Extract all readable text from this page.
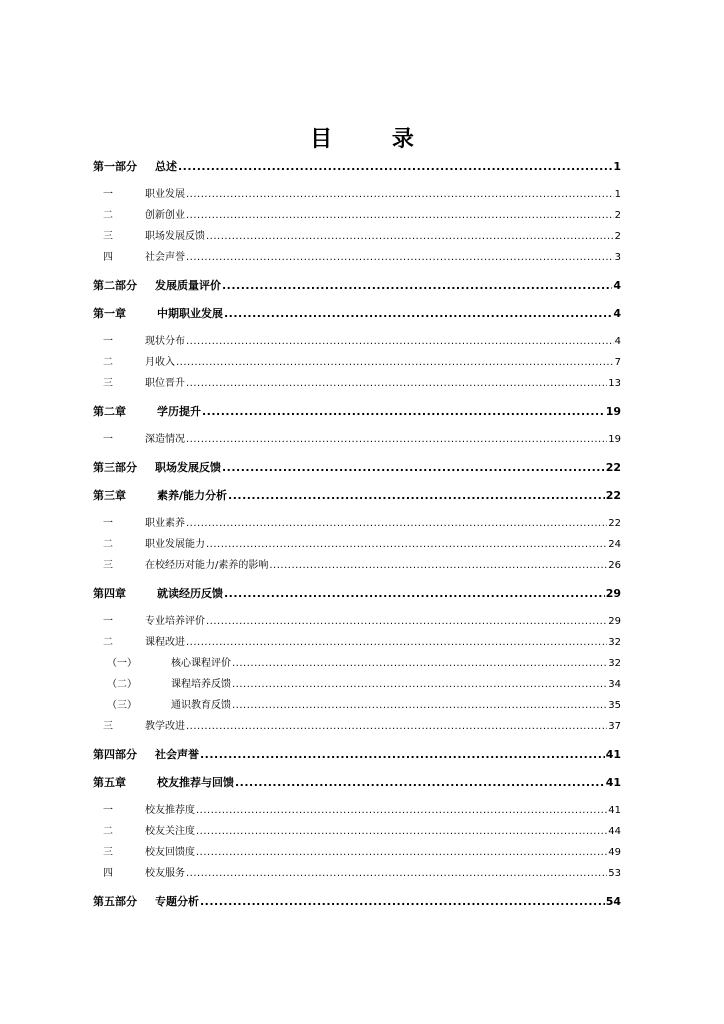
目 录
第一部分	总述 .....	1
一	职业发展 .....	1
二	创新创业 .....	2
三	职场发展反馈 .....	2
四	社会声誉 .....	3
第二部分	发展质量评价 .....	4
第一章	中期职业发展 .....	4
一	现状分布 .....	4
二	月收入 .....	7
三	职位晋升 .....	13
第二章	学历提升 .....	19
一	深造情况 .....	19
第三部分	职场发展反馈 .....	22
第三章	素养/能力分析 .....	22
一	职业素养 .....	22
二	职业发展能力 .....	24
三	在校经历对能力/素养的影响 .....	26
第四章	就读经历反馈 .....	29
一	专业培养评价 .....	29
二	课程改进 .....	32
（一）	核心课程评价 .....	32
（二）	课程培养反馈 .....	34
（三）	通识教育反馈 .....	35
三	教学改进 .....	37
第四部分	社会声誉 .....	41
第五章	校友推荐与回馈 .....	41
一	校友推荐度 .....	41
二	校友关注度 .....	44
三	校友回馈度 .....	49
四	校友服务 .....	53
第五部分	专题分析 .....	54
